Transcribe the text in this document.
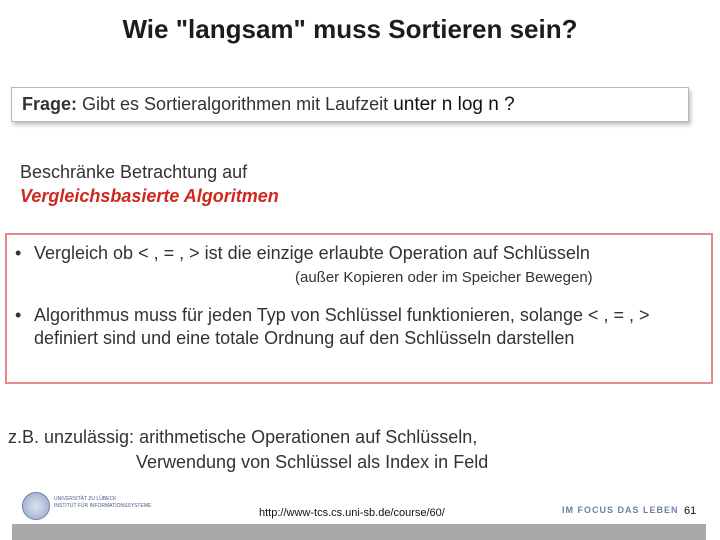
Wie "langsam" muss Sortieren sein?
Frage: Gibt es Sortieralgorithmen mit Laufzeit unter n log n ?
Beschränke Betrachtung auf
Vergleichsbasierte Algoritmen
• Vergleich ob < , = , > ist die einzige erlaubte Operation auf Schlüsseln
(außer Kopieren oder im Speicher Bewegen)
• Algorithmus muss für jeden Typ von Schlüssel funktionieren, solange < , = , > definiert sind und eine totale Ordnung auf den Schlüsseln darstellen
z.B. unzulässig: arithmetische Operationen auf Schlüsseln,
Verwendung von Schlüssel als Index in Feld
UNIVERSITÄT ZU LÜBECK
INSTITUT FÜR INFORMATIONSSYSTEME
http://www-tcs.cs.uni-sb.de/course/60/	IM FOCUS DAS LEBEN 61
